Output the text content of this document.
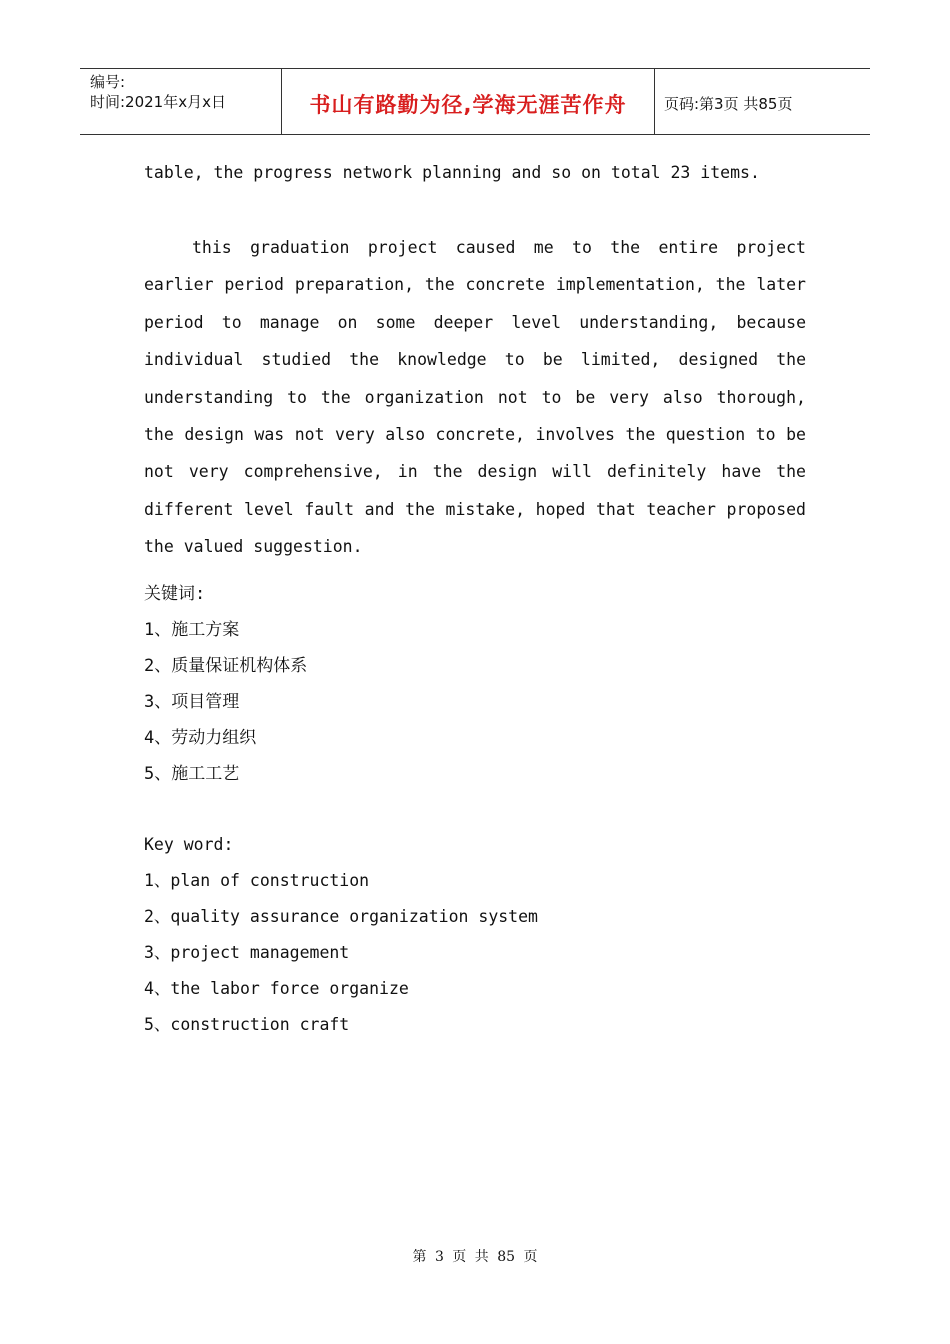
编号:
时间:2021年x月x日	书山有路勤为径,学海无涯苦作舟	页码:第3页 共85页
table, the progress network planning and so on total 23 items.
this graduation project caused me to the entire project earlier period preparation, the concrete implementation, the later period to manage on some deeper level understanding, because individual studied the knowledge to be limited, designed the understanding to the organization not to be very also thorough, the design was not very also concrete, involves the question to be not very comprehensive, in the design will definitely have the different level fault and the mistake, hoped that teacher proposed the valued suggestion.
关键词:
1、施工方案
2、质量保证机构体系
3、项目管理
4、劳动力组织
5、施工工艺
Key word:
1、plan of construction
2、quality assurance organization system
3、project management
4、the labor force organize
5、construction craft
第 3 页 共 85 页
